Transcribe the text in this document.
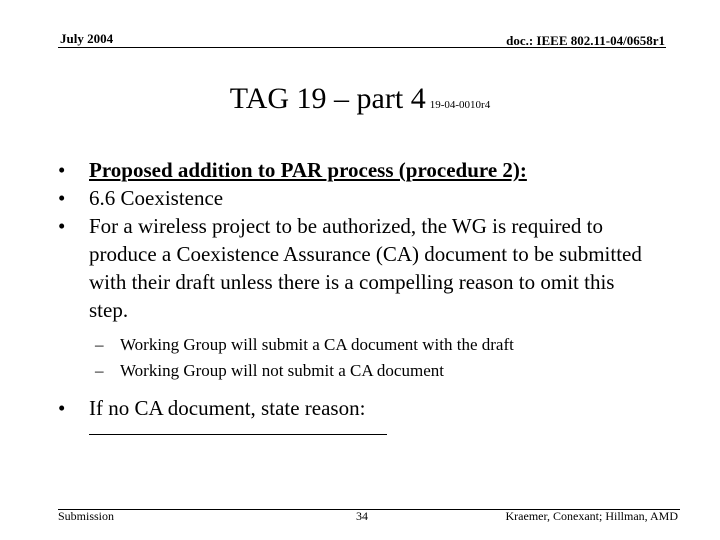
July 2004	doc.: IEEE 802.11-04/0658r1
TAG 19 – part 4 19-04-0010r4
• Proposed addition to PAR process (procedure 2):
• 6.6 Coexistence
• For a wireless project to be authorized, the WG is required to produce a Coexistence Assurance (CA) document to be submitted with their draft unless there is a compelling reason to omit this step.
– Working Group will submit a CA document with the draft
– Working Group will not submit a CA document
• If no CA document, state reason:
Submission	34	Kraemer, Conexant; Hillman, AMD
